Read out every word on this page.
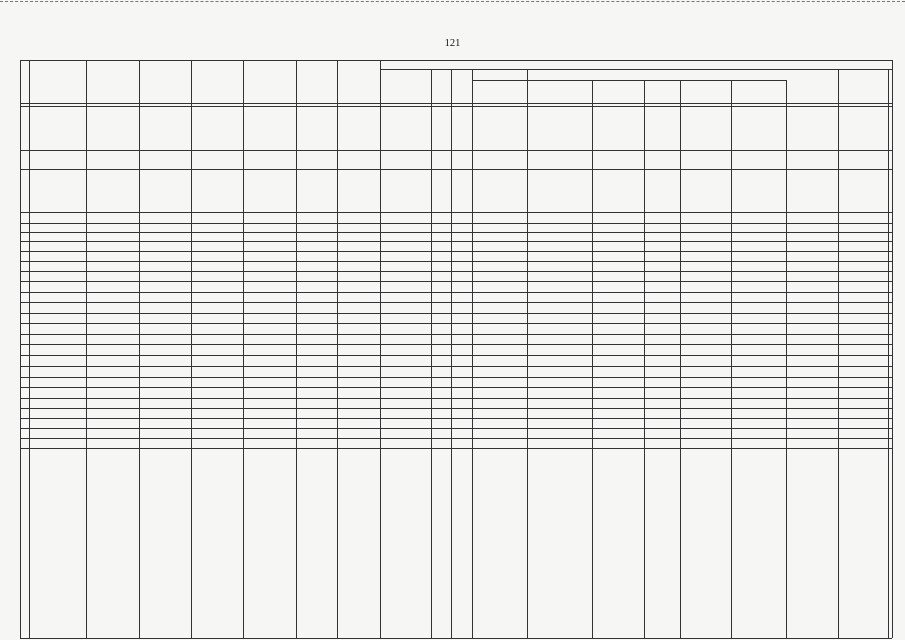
121
